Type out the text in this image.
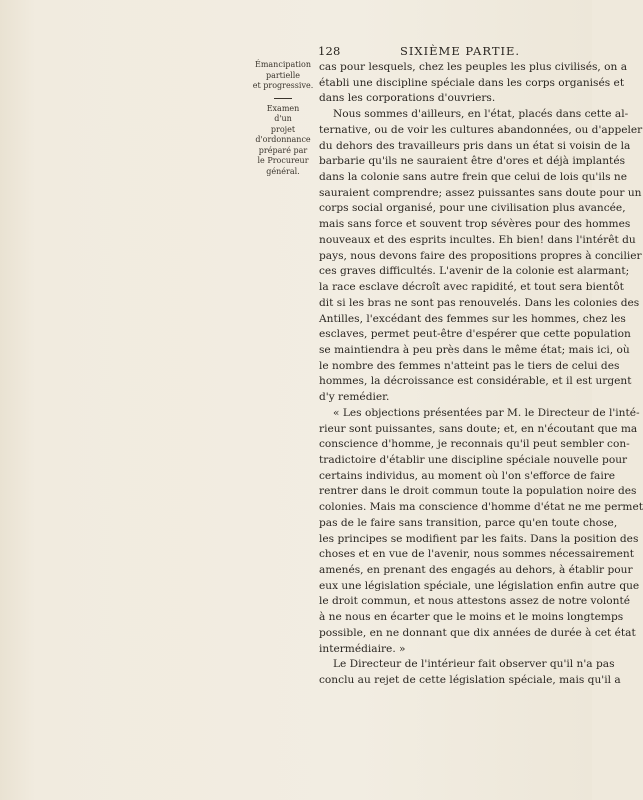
128	SIXIÈME PARTIE.
Émancipation
partielle
et progressive.
Examen
d'un
projet d'ordonnance
préparé par
le Procureur général.
cas pour lesquels, chez les peuples les plus civilisés, on a
établi une discipline spéciale dans les corps organisés et
dans les corporations d'ouvriers.
Nous sommes d'ailleurs, en l'état, placés dans cette al-
ternative, ou de voir les cultures abandonnées, ou d'appeler
du dehors des travailleurs pris dans un état si voisin de la
barbarie qu'ils ne sauraient être d'ores et déjà implantés
dans la colonie sans autre frein que celui de lois qu'ils ne
sauraient comprendre; assez puissantes sans doute pour un
corps social organisé, pour une civilisation plus avancée,
mais sans force et souvent trop sévères pour des hommes
nouveaux et des esprits incultes. Eh bien! dans l'intérêt du
pays, nous devons faire des propositions propres à concilier
ces graves difficultés. L'avenir de la colonie est alarmant;
la race esclave décroît avec rapidité, et tout sera bientôt
dit si les bras ne sont pas renouvelés. Dans les colonies des
Antilles, l'excédant des femmes sur les hommes, chez les
esclaves, permet peut-être d'espérer que cette population
se maintiendra à peu près dans le même état; mais ici, où
le nombre des femmes n'atteint pas le tiers de celui des
hommes, la décroissance est considérable, et il est urgent
d'y remédier.
« Les objections présentées par M. le Directeur de l'inté-
rieur sont puissantes, sans doute; et, en n'écoutant que ma
conscience d'homme, je reconnais qu'il peut sembler con-
tradictoire d'établir une discipline spéciale nouvelle pour
certains individus, au moment où l'on s'efforce de faire
rentrer dans le droit commun toute la population noire des
colonies. Mais ma conscience d'homme d'état ne me permet
pas de le faire sans transition, parce qu'en toute chose,
les principes se modifient par les faits. Dans la position des
choses et en vue de l'avenir, nous sommes nécessairement
amenés, en prenant des engagés au dehors, à établir pour
eux une législation spéciale, une législation enfin autre que
le droit commun, et nous attestons assez de notre volonté
à ne nous en écarter que le moins et le moins longtemps
possible, en ne donnant que dix années de durée à cet état
intermédiaire. »
Le Directeur de l'intérieur fait observer qu'il n'a pas
conclu au rejet de cette législation spéciale, mais qu'il a
